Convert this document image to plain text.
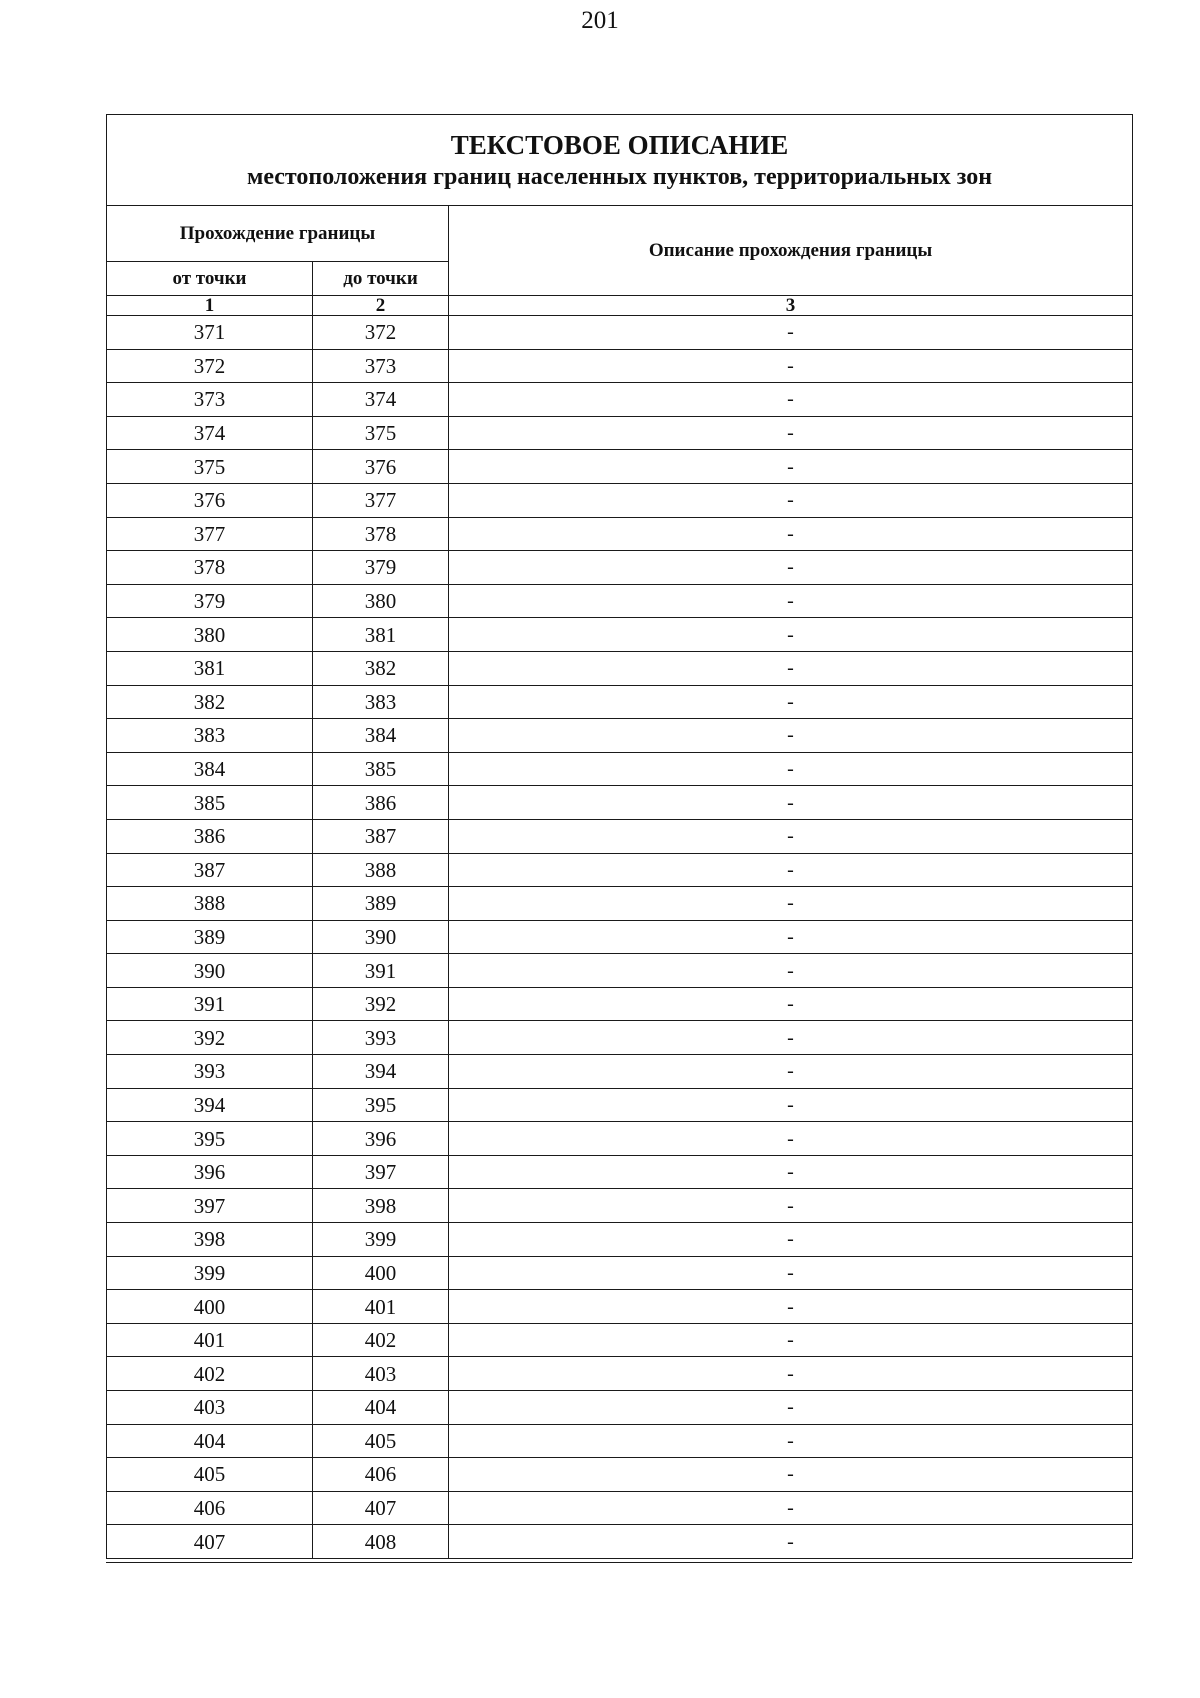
201
ТЕКСТОВОЕ ОПИСАНИЕ
местоположения границ населенных пунктов, территориальных зон		

Прохождение границы		Описание прохождения границы
от точки	до точки	
1	2	3
371	372	-
372	373	-
373	374	-
374	375	-
375	376	-
376	377	-
377	378	-
378	379	-
379	380	-
380	381	-
381	382	-
382	383	-
383	384	-
384	385	-
385	386	-
386	387	-
387	388	-
388	389	-
389	390	-
390	391	-
391	392	-
392	393	-
393	394	-
394	395	-
395	396	-
396	397	-
397	398	-
398	399	-
399	400	-
400	401	-
401	402	-
402	403	-
403	404	-
404	405	-
405	406	-
406	407	-
407	408	-
